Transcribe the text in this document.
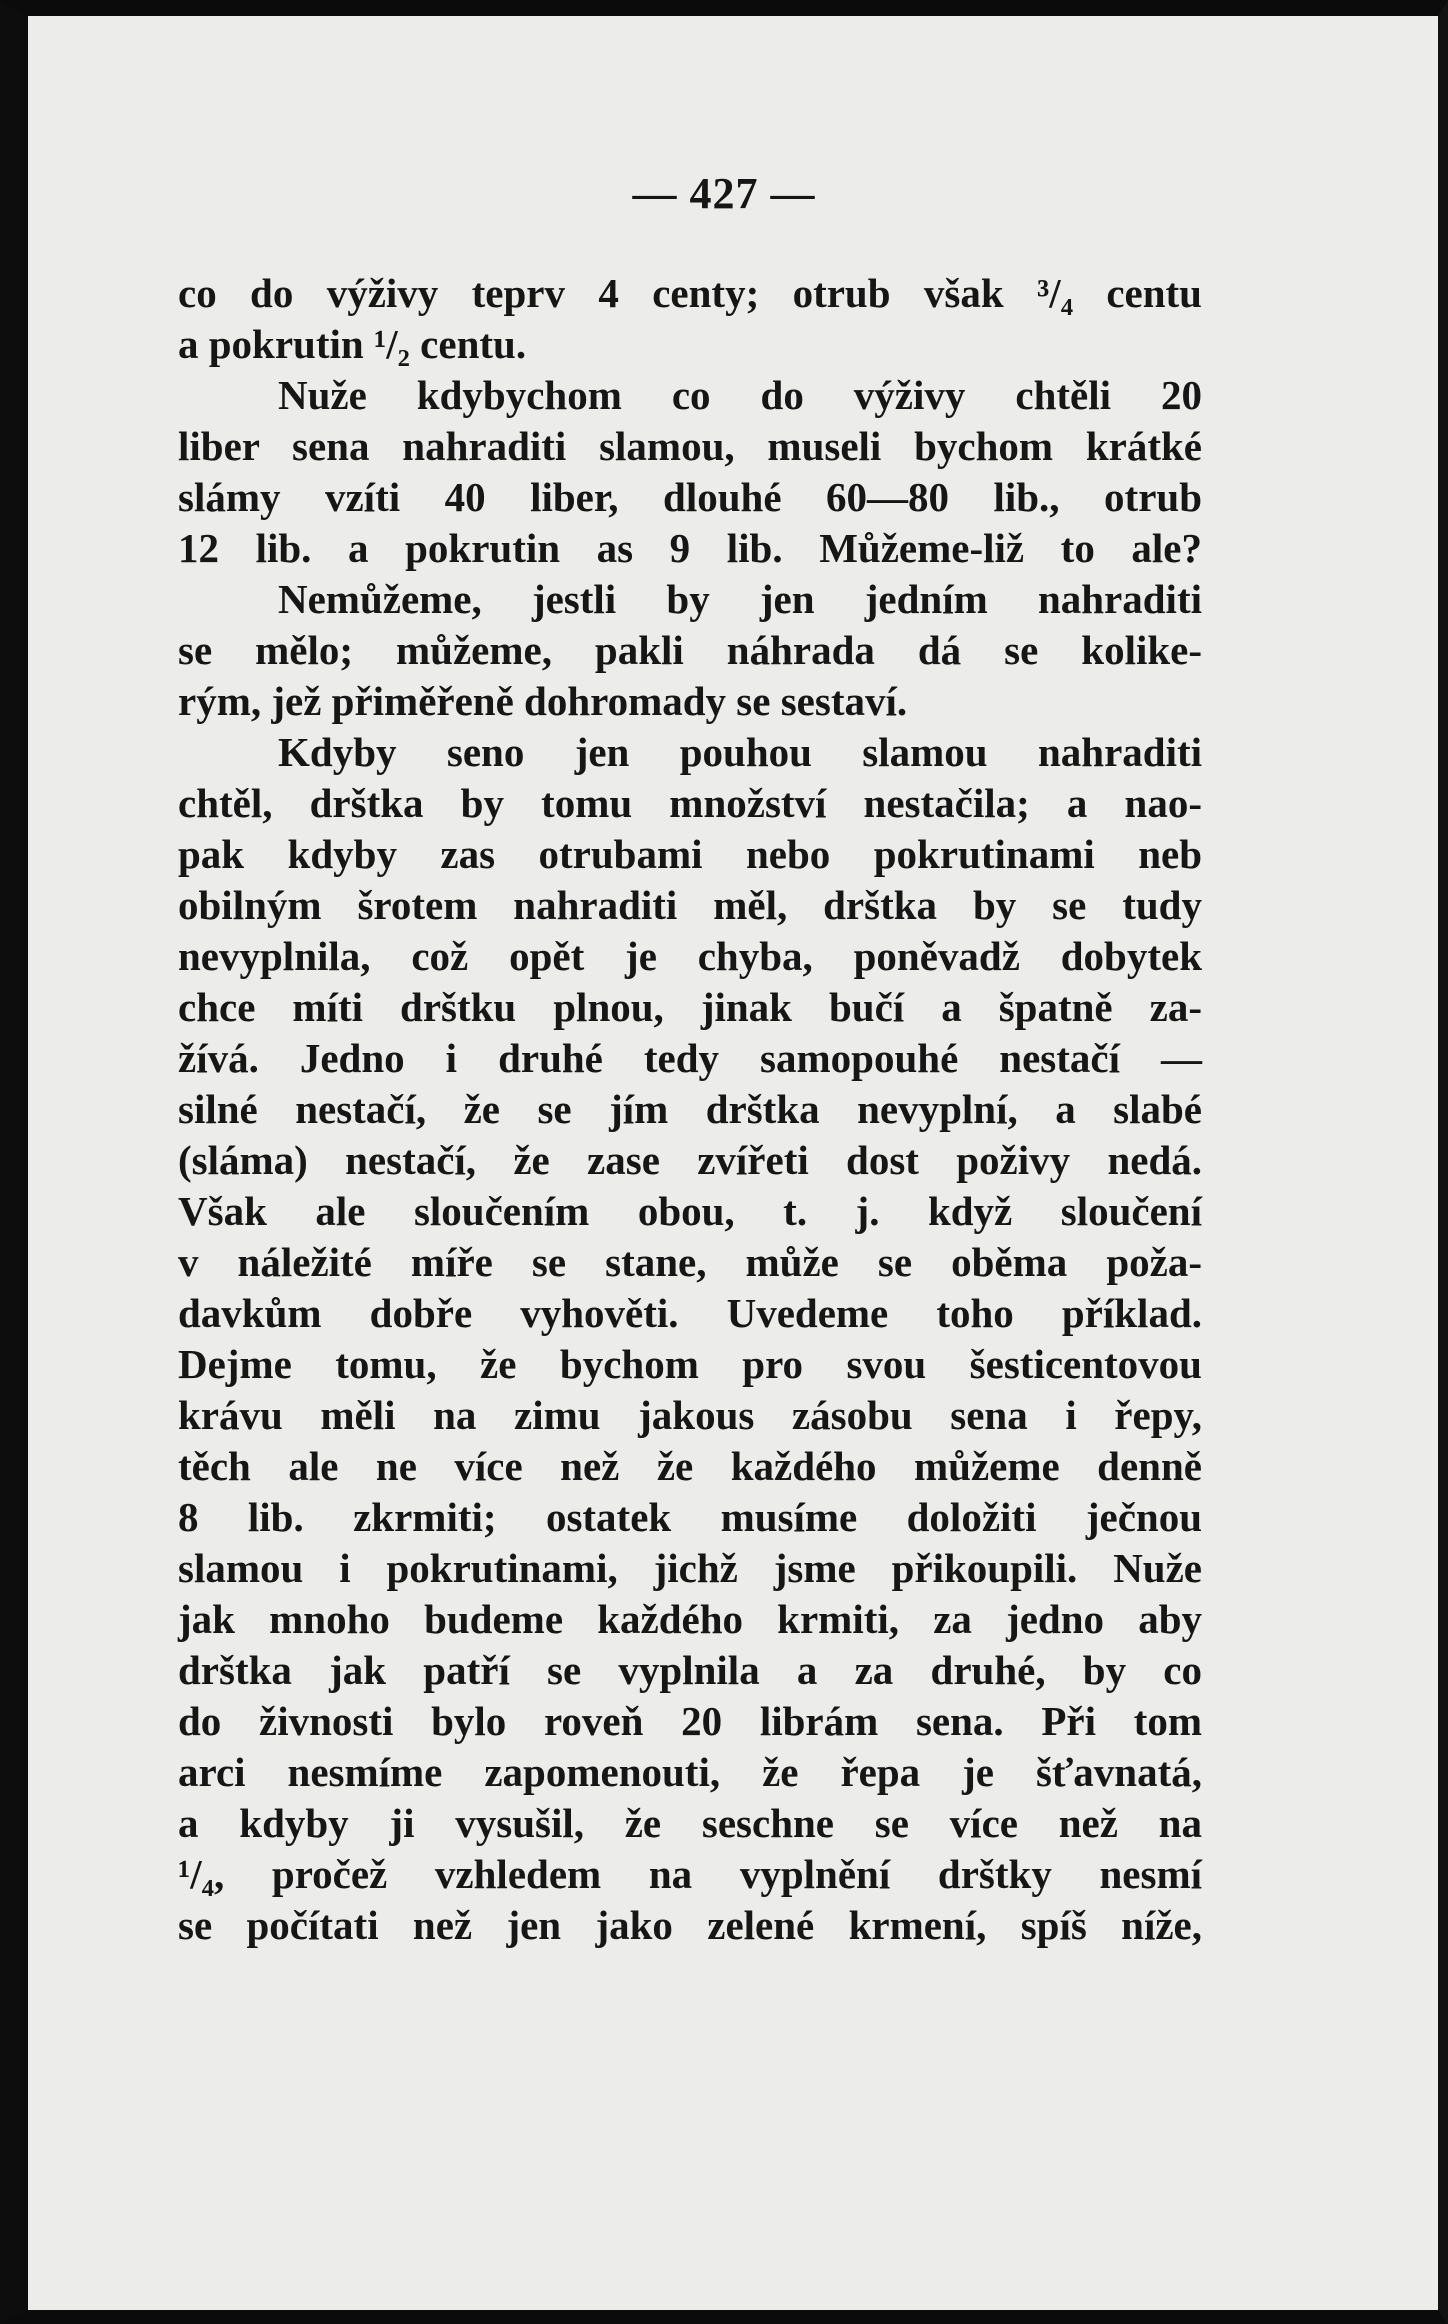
— 427 —
co do výživy teprv 4 centy; otrub však ³/₄ centu
a pokrutin ¹/₂ centu.
Nuže kdybychom co do výživy chtěli 20
liber sena nahraditi slamou, museli bychom krátké
slámy vzíti 40 liber, dlouhé 60—80 lib., otrub
12 lib. a pokrutin as 9 lib. Můžeme-liž to ale?
Nemůžeme, jestli by jen jedním nahraditi
se mělo; můžeme, pakli náhrada dá se kolike-
rým, jež přiměřeně dohromady se sestaví.
Kdyby seno jen pouhou slamou nahraditi
chtěl, drštka by tomu množství nestačila; a nao-
pak kdyby zas otrubami nebo pokrutinami neb
obilným šrotem nahraditi měl, drštka by se tudy
nevyplnila, což opět je chyba, poněvadž dobytek
chce míti drštku plnou, jinak bučí a špatně za-
žívá. Jedno i druhé tedy samopouhé nestačí —
silné nestačí, že se jím drštka nevyplní, a slabé
(sláma) nestačí, že zase zvířeti dost poživy nedá.
Však ale sloučením obou, t. j. když sloučení
v náležité míře se stane, může se oběma poža-
davkům dobře vyhověti. Uvedeme toho příklad.
Dejme tomu, že bychom pro svou šesticentovou
krávu měli na zimu jakous zásobu sena i řepy,
těch ale ne více než že každého můžeme denně
8 lib. zkrmiti; ostatek musíme doložiti ječnou
slamou i pokrutinami, jichž jsme přikoupili. Nuže
jak mnoho budeme každého krmiti, za jedno aby
drštka jak patří se vyplnila a za druhé, by co
do živnosti bylo roveň 20 librám sena. Při tom
arci nesmíme zapomenouti, že řepa je šťavnatá,
a kdyby ji vysušil, že seschne se více než na
¹/₄, pročež vzhledem na vyplnění drštky nesmí
se počítati než jen jako zelené krmení, spíš níže,
